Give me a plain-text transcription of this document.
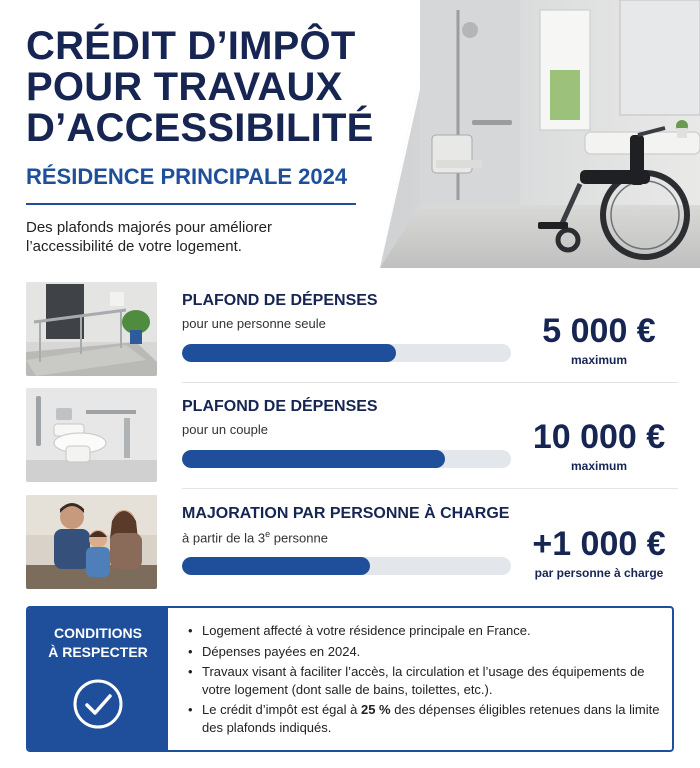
CRÉDIT D’IMPÔT
POUR TRAVAUX
D’ACCESSIBILITÉ
RÉSIDENCE PRINCIPALE 2024
Des plafonds majorés pour améliorer l’accessibilité de votre logement.
PLAFOND DE DÉPENSES
pour une personne seule	5 000 €
maximum
PLAFOND DE DÉPENSES
pour un couple	10 000 €
maximum
MAJORATION PAR PERSONNE À CHARGE
à partir de la 3e personne	+1 000 €
par personne à charge
CONDITIONS
À RESPECTER
• Logement affecté à votre résidence principale en France.
• Dépenses payées en 2024.
• Travaux visant à faciliter l’accès, la circulation et l’usage des équipements de votre logement (dont salle de bains, toilettes, etc.).
• Le crédit d’impôt est égal à 25 % des dépenses éligibles retenues dans la limite des plafonds indiqués.
